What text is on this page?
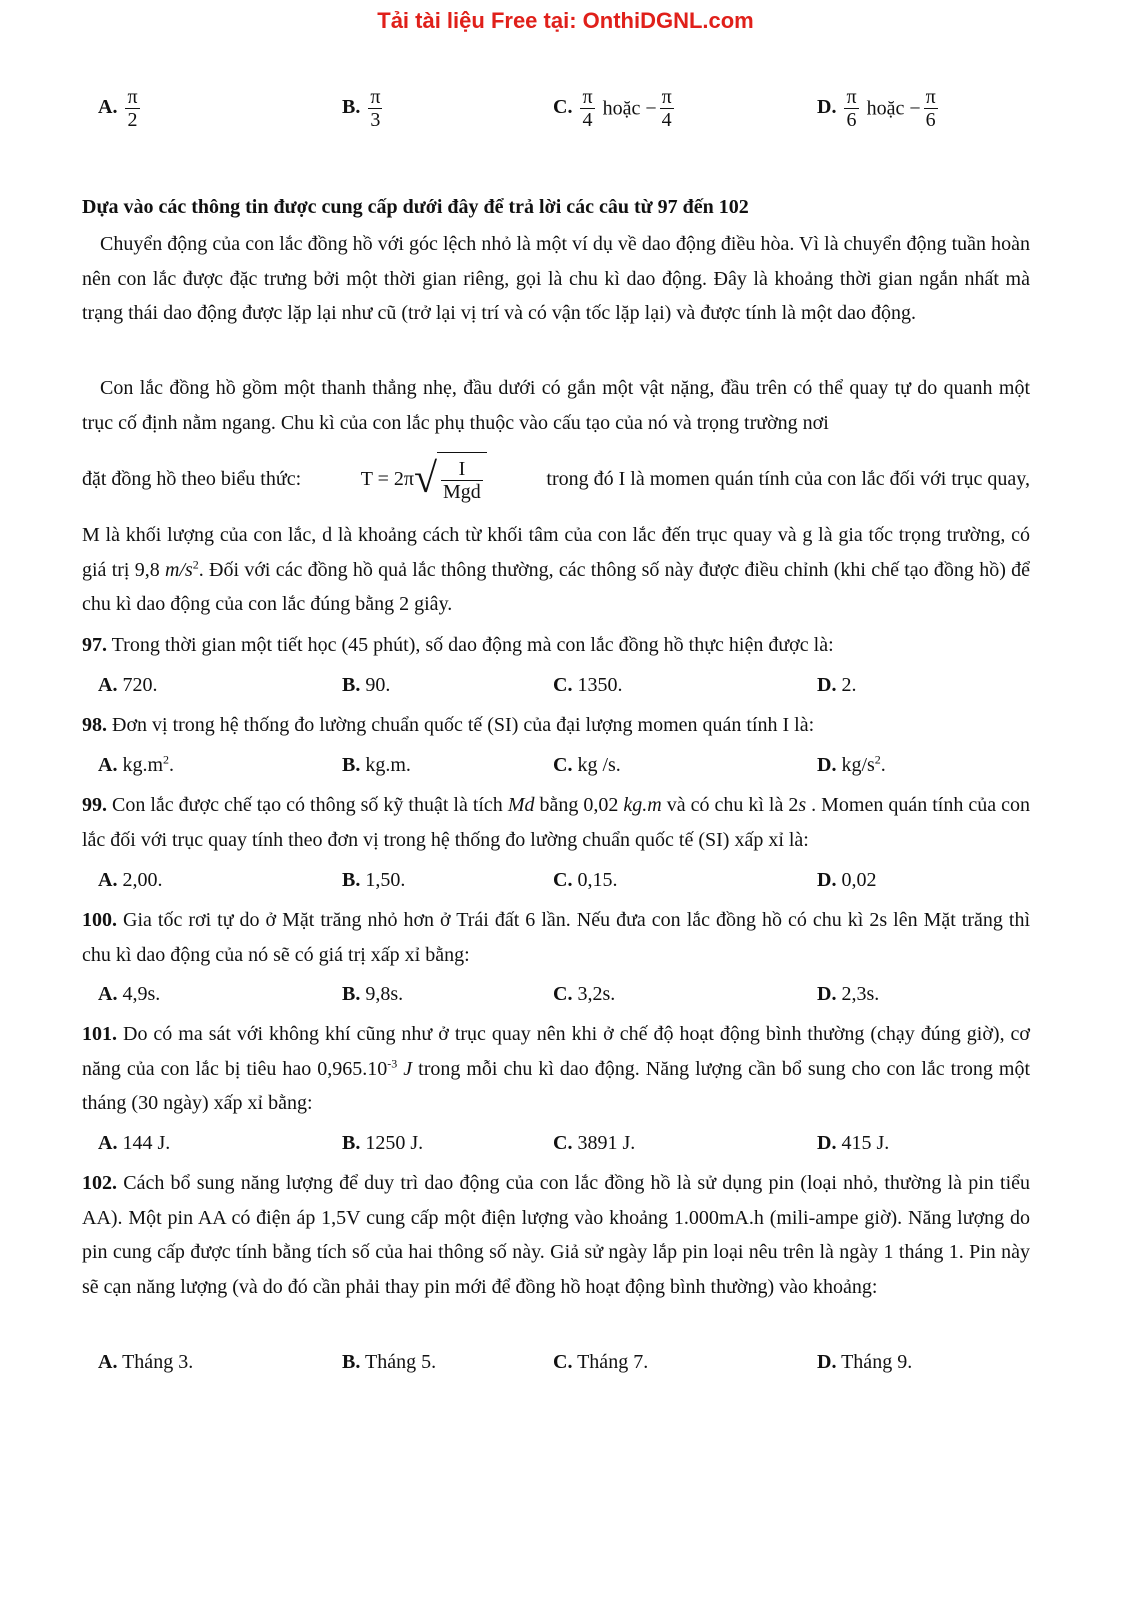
Tải tài liệu Free tại: OnthiDGNL.com
A. $\frac{\pi}{2}$	B. $\frac{\pi}{3}$	C. $\frac{\pi}{4}$ hoặc − $\frac{\pi}{4}$	D. $\frac{\pi}{6}$ hoặc − $\frac{\pi}{6}$
Dựa vào các thông tin được cung cấp dưới đây để trả lời các câu từ 97 đến 102

Chuyển động của con lắc đồng hồ với góc lệch nhỏ là một ví dụ về dao động điều hòa. Vì là chuyển động tuần hoàn nên con lắc được đặc trưng bởi một thời gian riêng, gọi là chu kì dao động. Đây là khoảng thời gian ngắn nhất mà trạng thái dao động được lặp lại như cũ (trở lại vị trí và có vận tốc lặp lại) và được tính là một dao động.

Con lắc đồng hồ gồm một thanh thẳng nhẹ, đầu dưới có gắn một vật nặng, đầu trên có thể quay tự do quanh một trục cố định nằm ngang. Chu kì của con lắc phụ thuộc vào cấu tạo của nó và trọng trường nơi

đặt đồng hồ theo biểu thức:	T = 2π √ $\frac{I}{\text{Mgd}}$	trong đó I là momen quán tính của con lắc đối với trục quay,

M là khối lượng của con lắc, d là khoảng cách từ khối tâm của con lắc đến trục quay và g là gia tốc trọng trường, có giá trị 9,8 $m/s^2$. Đối với các đồng hồ quả lắc thông thường, các thông số này được điều chỉnh (khi chế tạo đồng hồ) để chu kì dao động của con lắc đúng bằng 2 giây.

97. Trong thời gian một tiết học (45 phút), số dao động mà con lắc đồng hồ thực hiện được là:

A. 720.	B. 90.	C. 1350.	D. 2.

98. Đơn vị trong hệ thống đo lường chuẩn quốc tế (SI) của đại lượng momen quán tính I là:

A. $kg.m^2$.	B. kg.m.	C. kg /s.	D. $kg/s^2$.

99. Con lắc được chế tạo có thông số kỹ thuật là tích Md bằng 0,02 kg.m và có chu kì là 2s . Momen quán tính của con lắc đối với trục quay tính theo đơn vị trong hệ thống đo lường chuẩn quốc tế (SI) xấp xỉ là:

A. 2,00.	B. 1,50.	C. 0,15.	D. 0,02

100. Gia tốc rơi tự do ở Mặt trăng nhỏ hơn ở Trái đất 6 lần. Nếu đưa con lắc đồng hồ có chu kì 2s lên Mặt trăng thì chu kì dao động của nó sẽ có giá trị xấp xỉ bằng:

A. 4,9s.	B. 9,8s.	C. 3,2s.	D. 2,3s.

101. Do có ma sát với không khí cũng như ở trục quay nên khi ở chế độ hoạt động bình thường (chạy đúng giờ), cơ năng của con lắc bị tiêu hao $0,965.10^{-3}$ J trong mỗi chu kì dao động. Năng lượng cần bổ sung cho con lắc trong một tháng (30 ngày) xấp xỉ bằng:

A. 144 J.	B. 1250 J.	C. 3891 J.	D. 415 J.

102. Cách bổ sung năng lượng để duy trì dao động của con lắc đồng hồ là sử dụng pin (loại nhỏ, thường là pin tiểu AA). Một pin AA có điện áp 1,5V cung cấp một điện lượng vào khoảng 1.000mA.h (mili-ampe giờ). Năng lượng do pin cung cấp được tính bằng tích số của hai thông số này. Giả sử ngày lắp pin loại nêu trên là ngày 1 tháng 1. Pin này sẽ cạn năng lượng (và do đó cần phải thay pin mới để đồng hồ hoạt động bình thường) vào khoảng:

A. Tháng 3.	B. Tháng 5.	C. Tháng 7.	D. Tháng 9.
